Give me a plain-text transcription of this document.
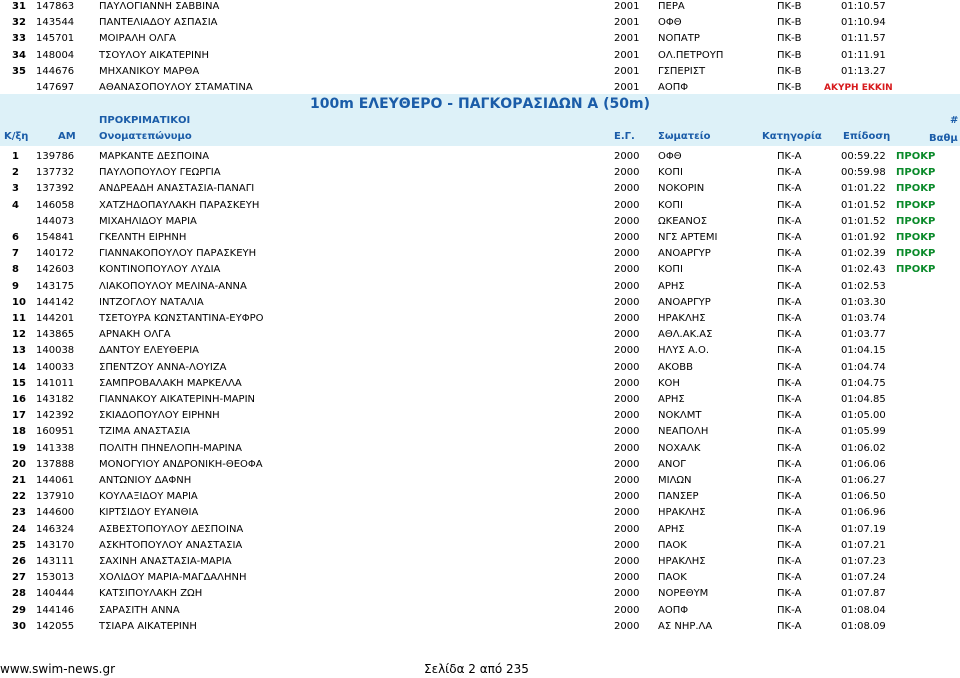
100m ΕΛΕΥΘΕΡΟ - ΠΑΓΚΟΡΑΣΙΔΩΝ Α (50m)
ΠΡΟΚΡΙΜΑΤΙΚΟΙ	#
Κ/ξη	ΑΜ Ονοματεπώνυμο	Ε.Γ. Σωματείο	Κατηγορία Επίδοση	Βαθμ
31 147863 ΠΑΥΛΟΓΙΑΝΝΗ ΣΑΒΒΙΝΑ	2001 ΠΕΡΑ	ΠΚ-Β	01:10.57
32 143544 ΠΑΝΤΕΛΙΑΔΟΥ ΑΣΠΑΣΙΑ	2001 ΟΦΘ	ΠΚ-Β	01:10.94
33 145701 ΜΟΙΡΑΛΗ ΟΛΓΑ	2001 ΝΟΠΑΤΡ	ΠΚ-Β	01:11.57
34 148004 ΤΣΟΥΛΟΥ ΑΙΚΑΤΕΡΙΝΗ	2001 ΟΛ.ΠΕΤΡΟΥΠ	ΠΚ-Β	01:11.91
35 144676 ΜΗΧΑΝΙΚΟΥ ΜΑΡΘΑ	2001 ΓΣΠΕΡΙΣΤ	ΠΚ-Β	01:13.27
147697 ΑΘΑΝΑΣΟΠΟΥΛΟΥ ΣΤΑΜΑΤΙΝΑ	2001 ΑΟΠΦ	ΠΚ-Β ΑΚΥΡΗ ΕΚΚΙΝ
1 139786 ΜΑΡΚΑΝΤΕ ΔΕΣΠΟΙΝΑ	2000 ΟΦΘ	ΠΚ-Α	00:59.22 ΠΡΟΚΡ
2 137732 ΠΑΥΛΟΠΟΥΛΟΥ ΓΕΩΡΓΙΑ	2000 ΚΟΠΙ	ΠΚ-Α	00:59.98 ΠΡΟΚΡ
3 137392 ΑΝΔΡΕΑΔΗ ΑΝΑΣΤΑΣΙΑ-ΠΑΝΑΓΙ	2000 ΝΟΚΟΡΙΝ	ΠΚ-Α	01:01.22 ΠΡΟΚΡ
4 146058 ΧΑΤΖΗΔΟΠΑΥΛΑΚΗ ΠΑΡΑΣΚΕΥΗ	2000 ΚΟΠΙ	ΠΚ-Α	01:01.52 ΠΡΟΚΡ
144073 ΜΙΧΑΗΛΙΔΟΥ ΜΑΡΙΑ	2000 ΩΚΕΑΝΟΣ	ΠΚ-Α	01:01.52 ΠΡΟΚΡ
6 154841 ΓΚΕΛΝΤΗ ΕΙΡΗΝΗ	2000 ΝΓΣ ΑΡΤΕΜΙ	ΠΚ-Α	01:01.92 ΠΡΟΚΡ
7 140172 ΓΙΑΝΝΑΚΟΠΟΥΛΟΥ ΠΑΡΑΣΚΕΥΗ	2000 ΑΝΟΑΡΓΥΡ	ΠΚ-Α	01:02.39 ΠΡΟΚΡ
8 142603 ΚΟΝΤΙΝΟΠΟΥΛΟΥ ΛΥΔΙΑ	2000 ΚΟΠΙ	ΠΚ-Α	01:02.43 ΠΡΟΚΡ
9 143175 ΛΙΑΚΟΠΟΥΛΟΥ ΜΕΛΙΝΑ-ΑΝΝΑ	2000 ΑΡΗΣ	ΠΚ-Α	01:02.53
10 144142 ΙΝΤΖΟΓΛΟΥ ΝΑΤΑΛΙΑ	2000 ΑΝΟΑΡΓΥΡ	ΠΚ-Α	01:03.30
11 144201 ΤΣΕΤΟΥΡΑ ΚΩΝΣΤΑΝΤΙΝΑ-ΕΥΦΡΟ	2000 ΗΡΑΚΛΗΣ	ΠΚ-Α	01:03.74
12 143865 ΑΡΝΑΚΗ ΟΛΓΑ	2000 ΑΘΛ.ΑΚ.ΑΣ	ΠΚ-Α	01:03.77
13 140038 ΔΑΝΤΟΥ ΕΛΕΥΘΕΡΙΑ	2000 ΗΛΥΣ Α.Ο.	ΠΚ-Α	01:04.15
14 140033 ΣΠΕΝΤΖΟΥ ΑΝΝΑ-ΛΟΥΙΖΑ	2000 ΑΚΟΒΒ	ΠΚ-Α	01:04.74
15 141011 ΣΑΜΠΡΟΒΑΛΑΚΗ ΜΑΡΚΕΛΛΑ	2000 ΚΟΗ	ΠΚ-Α	01:04.75
16 143182 ΓΙΑΝΝΑΚΟΥ ΑΙΚΑΤΕΡΙΝΗ-ΜΑΡΙΝ	2000 ΑΡΗΣ	ΠΚ-Α	01:04.85
17 142392 ΣΚΙΑΔΟΠΟΥΛΟΥ ΕΙΡΗΝΗ	2000 ΝΟΚΛΜΤ	ΠΚ-Α	01:05.00
18 160951 ΤΖΙΜΑ ΑΝΑΣΤΑΣΙΑ	2000 ΝΕΑΠΟΛΗ	ΠΚ-Α	01:05.99
19 141338 ΠΟΛΙΤΗ ΠΗΝΕΛΟΠΗ-ΜΑΡΙΝΑ	2000 ΝΟΧΑΛΚ	ΠΚ-Α	01:06.02
20 137888 ΜΟΝΟΓΥΙΟΥ ΑΝΔΡΟΝΙΚΗ-ΘΕΟΦΑ	2000 ΑΝΟΓ	ΠΚ-Α	01:06.06
21 144061 ΑΝΤΩΝΙΟΥ ΔΑΦΝΗ	2000 ΜΙΛΩΝ	ΠΚ-Α	01:06.27
22 137910 ΚΟΥΛΑΞΙΔΟΥ ΜΑΡΙΑ	2000 ΠΑΝΣΕΡ	ΠΚ-Α	01:06.50
23 144600 ΚΙΡΤΣΙΔΟΥ ΕΥΑΝΘΙΑ	2000 ΗΡΑΚΛΗΣ	ΠΚ-Α	01:06.96
24 146324 ΑΣΒΕΣΤΟΠΟΥΛΟΥ ΔΕΣΠΟΙΝΑ	2000 ΑΡΗΣ	ΠΚ-Α	01:07.19
25 143170 ΑΣΚΗΤΟΠΟΥΛΟΥ ΑΝΑΣΤΑΣΙΑ	2000 ΠΑΟΚ	ΠΚ-Α	01:07.21
26 143111 ΣΑΧΙΝΗ ΑΝΑΣΤΑΣΙΑ-ΜΑΡΙΑ	2000 ΗΡΑΚΛΗΣ	ΠΚ-Α	01:07.23
27 153013 ΧΟΛΙΔΟΥ ΜΑΡΙΑ-ΜΑΓΔΑΛΗΝΗ	2000 ΠΑΟΚ	ΠΚ-Α	01:07.24
28 140444 ΚΑΤΣΙΠΟΥΛΑΚΗ ΖΩΗ	2000 ΝΟΡΕΘΥΜ	ΠΚ-Α	01:07.87
29 144146 ΣΑΡΑΣΙΤΗ ΑΝΝΑ	2000 ΑΟΠΦ	ΠΚ-Α	01:08.04
30 142055 ΤΣΙΑΡΑ ΑΙΚΑΤΕΡΙΝΗ	2000 ΑΣ ΝΗΡ.ΛΑ	ΠΚ-Α	01:08.09
www.swim-news.gr	Σελίδα 2 από 235
